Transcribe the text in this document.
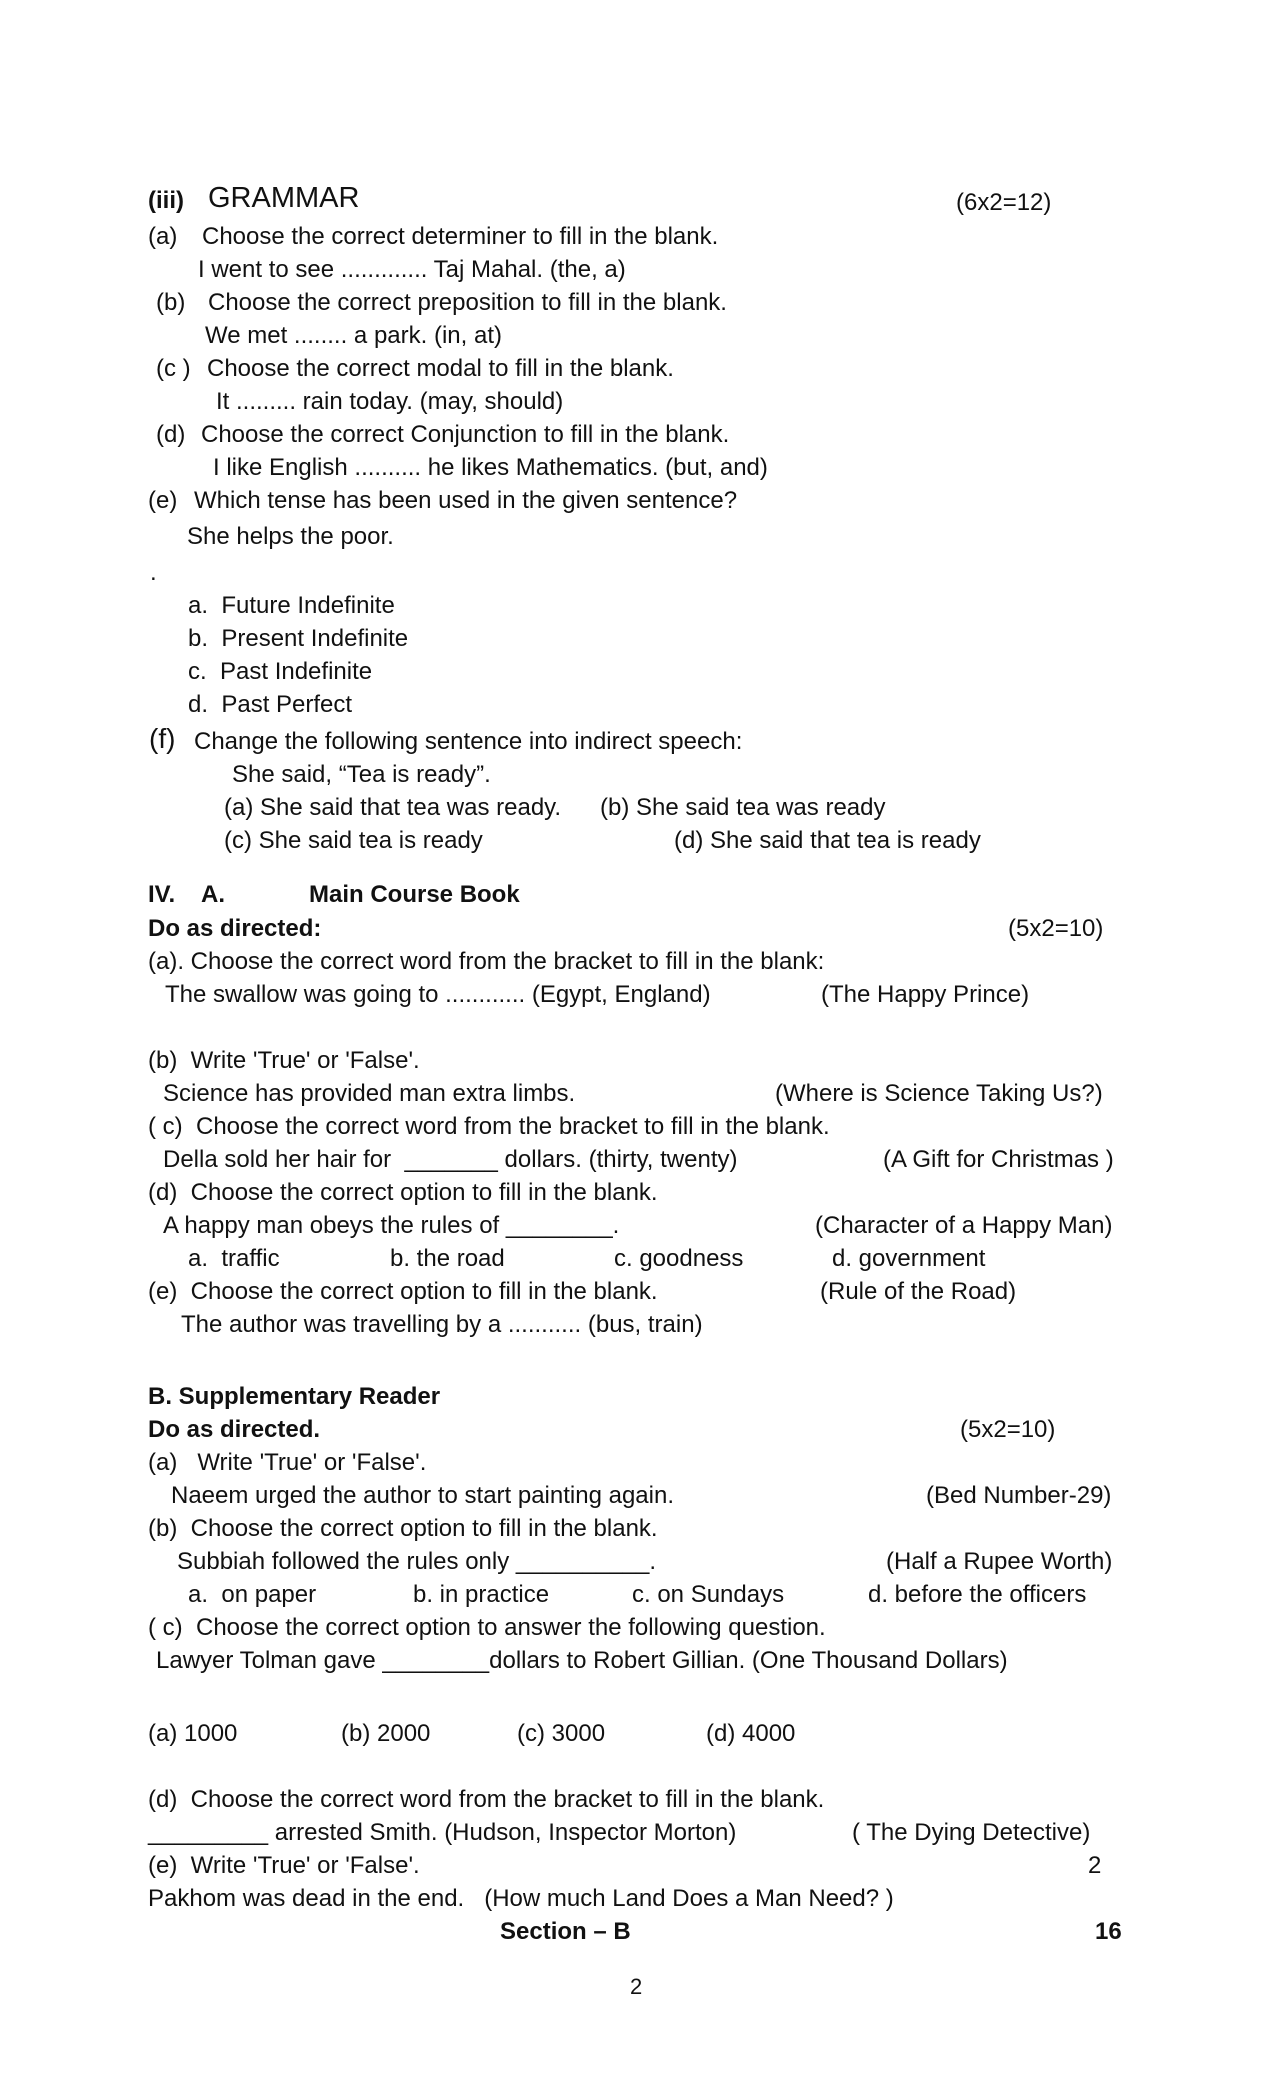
(iii) GRAMMAR	(6x2=12)
(a) Choose the correct determiner to fill in the blank.
I went to see ............. Taj Mahal. (the, a)
(b) Choose the correct preposition to fill in the blank.
We met ........ a park. (in, at)
(c ) Choose the correct modal to fill in the blank.
It ......... rain today. (may, should)
(d) Choose the correct Conjunction to fill in the blank.
I like English .......... he likes Mathematics. (but, and)
(e) Which tense has been used in the given sentence?
She helps the poor.
.
a.  Future Indefinite
b.  Present Indefinite
c.  Past Indefinite
d.  Past Perfect
(f) Change the following sentence into indirect speech:
She said, “Tea is ready”.
(a) She said that tea was ready. (b) She said tea was ready
(c) She said tea is ready	(d) She said that tea is ready
IV. A.	Main Course Book
Do as directed:	(5x2=10)
(a). Choose the correct word from the bracket to fill in the blank:
The swallow was going to ............ (Egypt, England)	(The Happy Prince)
(b)  Write 'True' or 'False'.
Science has provided man extra limbs.	(Where is Science Taking Us?)
( c)  Choose the correct word from the bracket to fill in the blank.
Della sold her hair for  _______ dollars. (thirty, twenty)	(A Gift for Christmas )
(d)  Choose the correct option to fill in the blank.
A happy man obeys the rules of ________.	(Character of a Happy Man)
a.  traffic	b. the road	c. goodness	d. government
(e)  Choose the correct option to fill in the blank.	(Rule of the Road)
The author was travelling by a ........... (bus, train)
B. Supplementary Reader
Do as directed.	(5x2=10)
(a)   Write 'True' or 'False'.
Naeem urged the author to start painting again.	(Bed Number-29)
(b)  Choose the correct option to fill in the blank.
Subbiah followed the rules only __________.	(Half a Rupee Worth)
a.  on paper	b. in practice	c. on Sundays	d. before the officers
( c)  Choose the correct option to answer the following question.
Lawyer Tolman gave ________dollars to Robert Gillian. (One Thousand Dollars)
(a) 1000	(b) 2000	(c) 3000	(d) 4000
(d)  Choose the correct word from the bracket to fill in the blank.
_________ arrested Smith. (Hudson, Inspector Morton)	( The Dying Detective)
(e)  Write 'True' or 'False'.	2
Pakhom was dead in the end.   (How much Land Does a Man Need? )
Section – B	16
2
